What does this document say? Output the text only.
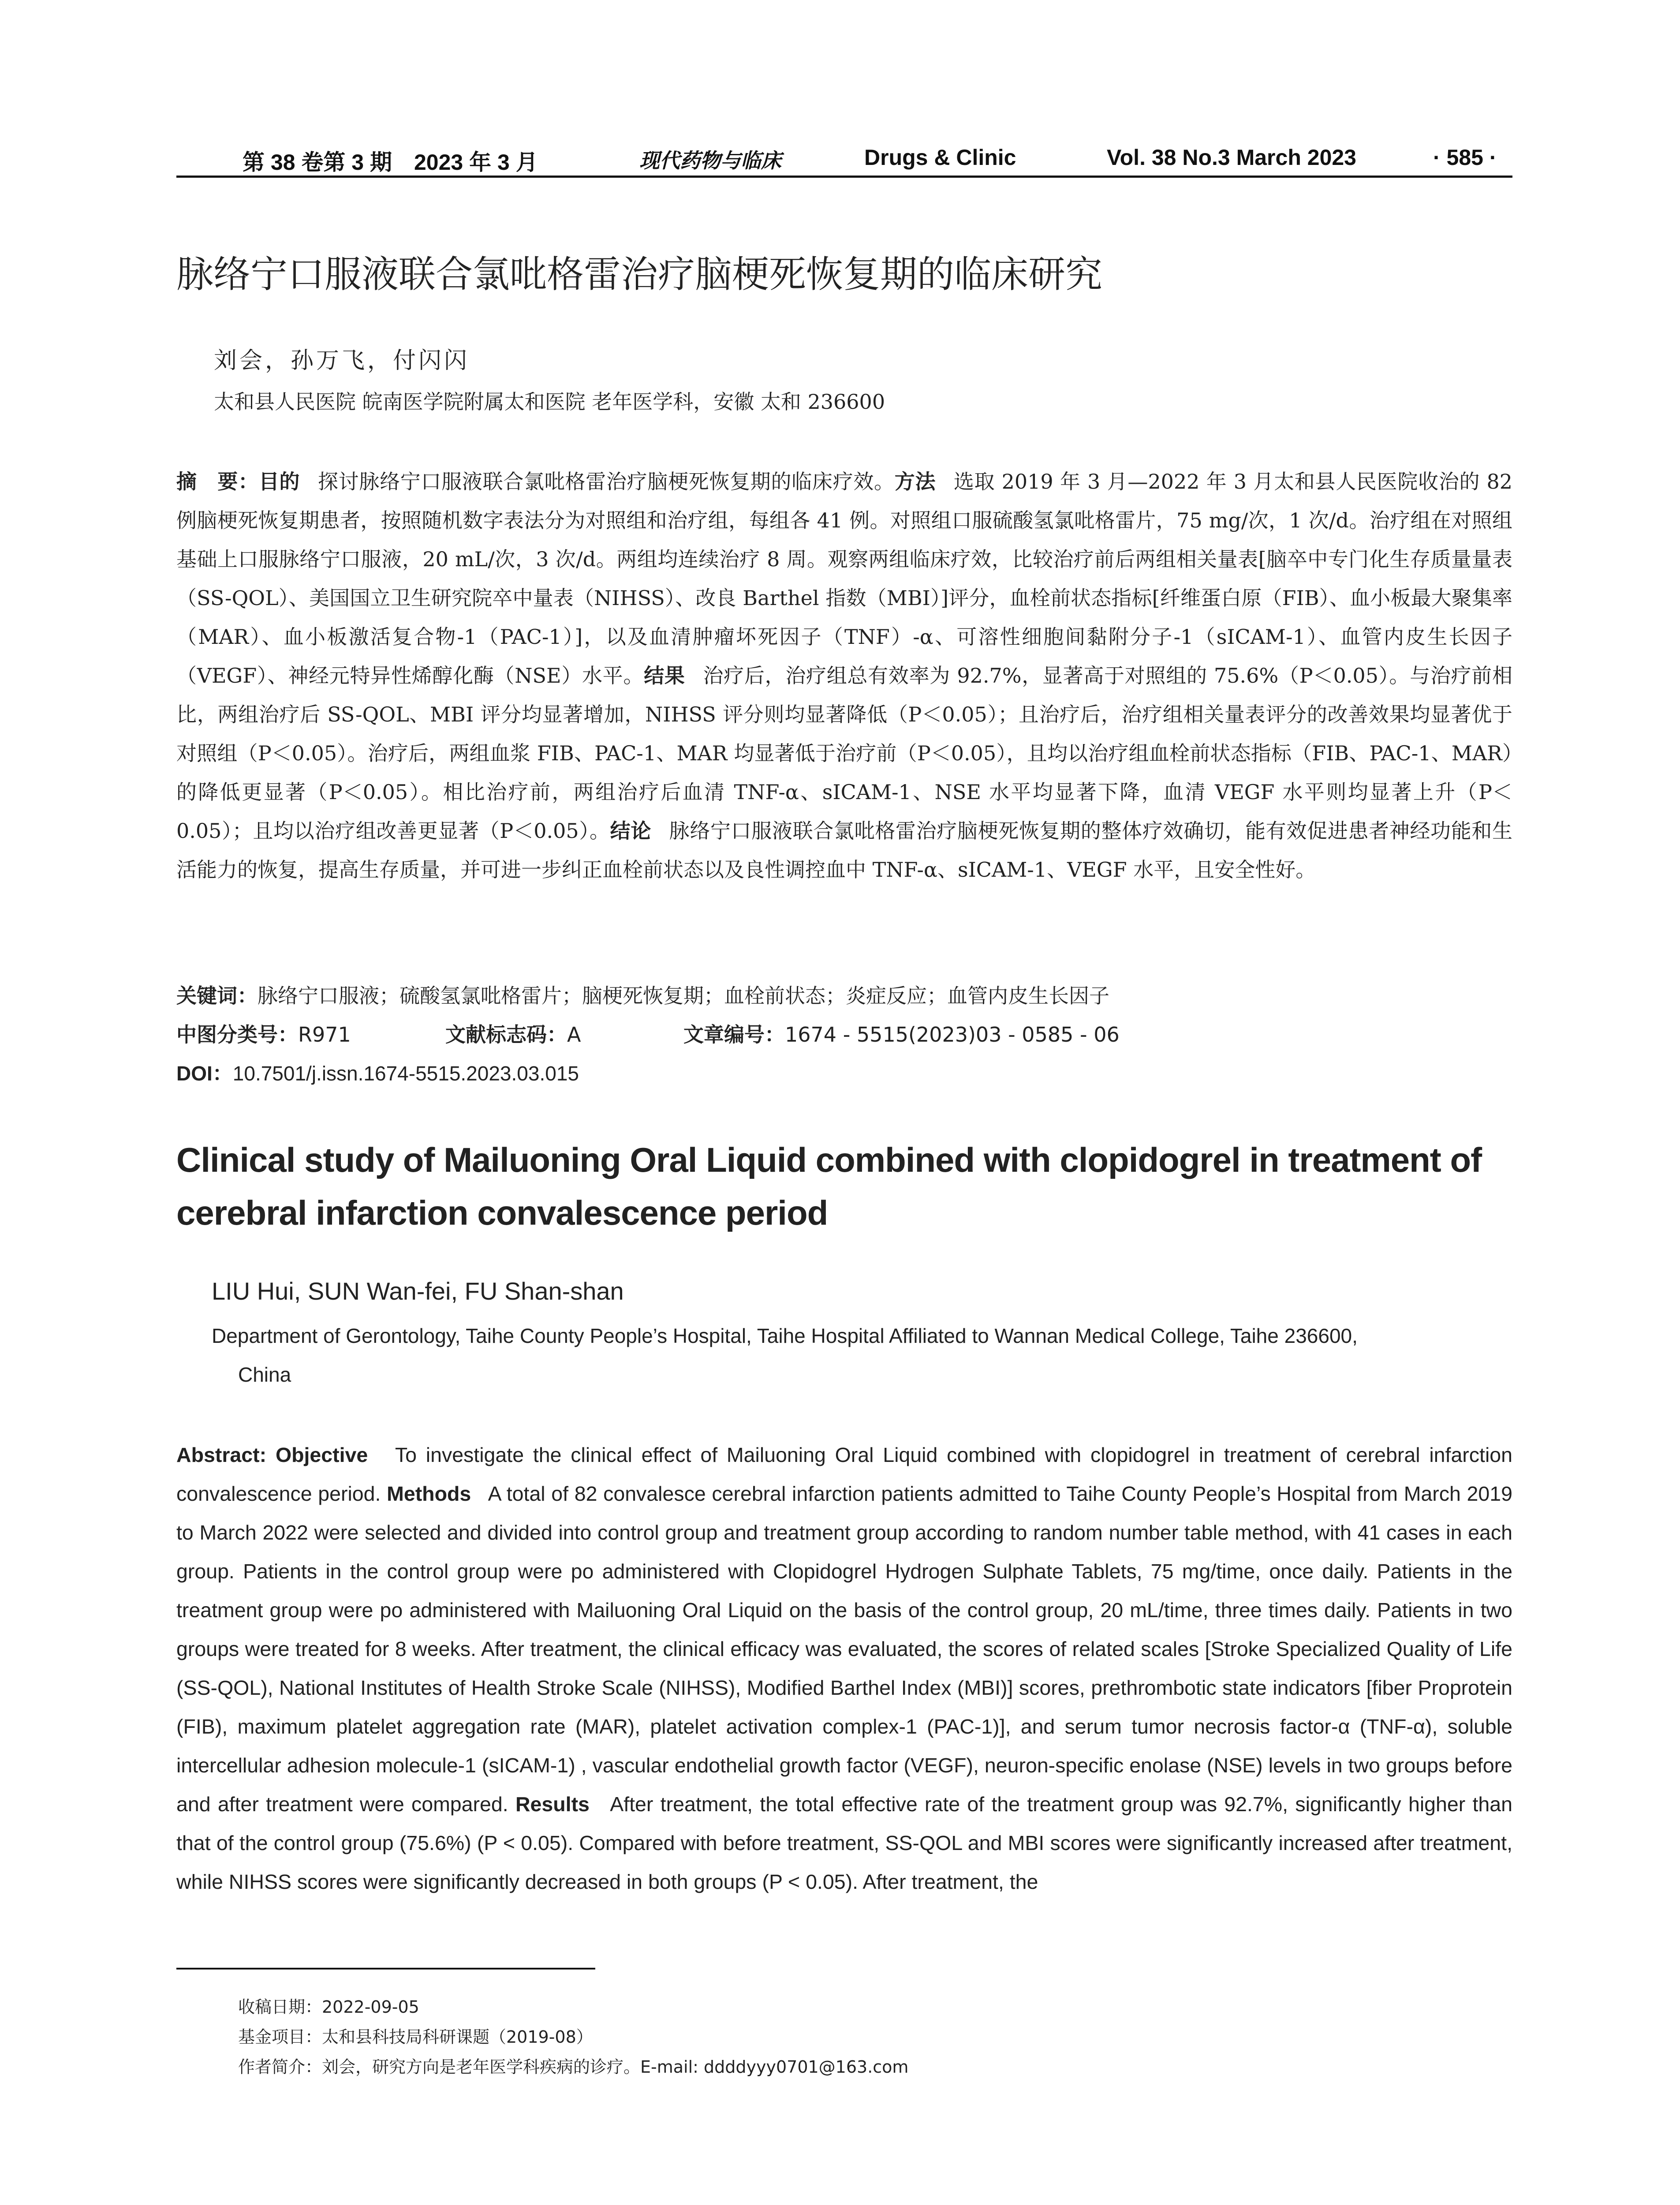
第 38 卷第 3 期　2023 年 3 月	现代药物与临床	Drugs & Clinic	Vol. 38 No.3 March 2023	· 585 ·
脉络宁口服液联合氯吡格雷治疗脑梗死恢复期的临床研究
刘会，孙万飞，付闪闪
太和县人民医院 皖南医学院附属太和医院 老年医学科，安徽 太和 236600
摘　要：目的 探讨脉络宁口服液联合氯吡格雷治疗脑梗死恢复期的临床疗效。方法 选取 2019 年 3 月—2022 年 3 月太和县人民医院收治的 82 例脑梗死恢复期患者，按照随机数字表法分为对照组和治疗组，每组各 41 例。对照组口服硫酸氢氯吡格雷片，75 mg/次，1 次/d。治疗组在对照组基础上口服脉络宁口服液，20 mL/次，3 次/d。两组均连续治疗 8 周。观察两组临床疗效，比较治疗前后两组相关量表[脑卒中专门化生存质量量表（SS-QOL）、美国国立卫生研究院卒中量表（NIHSS）、改良 Barthel 指数（MBI）]评分，血栓前状态指标[纤维蛋白原（FIB）、血小板最大聚集率（MAR）、血小板激活复合物-1（PAC-1）]，以及血清肿瘤坏死因子（TNF）-α、可溶性细胞间黏附分子-1（sICAM-1）、血管内皮生长因子（VEGF）、神经元特异性烯醇化酶（NSE）水平。结果 治疗后，治疗组总有效率为 92.7%，显著高于对照组的 75.6%（P＜0.05）。与治疗前相比，两组治疗后 SS-QOL、MBI 评分均显著增加，NIHSS 评分则均显著降低（P＜0.05）；且治疗后，治疗组相关量表评分的改善效果均显著优于对照组（P＜0.05）。治疗后，两组血浆 FIB、PAC-1、MAR 均显著低于治疗前（P＜0.05），且均以治疗组血栓前状态指标（FIB、PAC-1、MAR）的降低更显著（P＜0.05）。相比治疗前，两组治疗后血清 TNF-α、sICAM-1、NSE 水平均显著下降，血清 VEGF 水平则均显著上升（P＜0.05）；且均以治疗组改善更显著（P＜0.05）。结论 脉络宁口服液联合氯吡格雷治疗脑梗死恢复期的整体疗效确切，能有效促进患者神经功能和生活能力的恢复，提高生存质量，并可进一步纠正血栓前状态以及良性调控血中 TNF-α、sICAM-1、VEGF 水平，且安全性好。
关键词：脉络宁口服液；硫酸氢氯吡格雷片；脑梗死恢复期；血栓前状态；炎症反应；血管内皮生长因子
中图分类号：R971	文献标志码：A	文章编号：1674 - 5515(2023)03 - 0585 - 06
DOI：10.7501/j.issn.1674-5515.2023.03.015
Clinical study of Mailuoning Oral Liquid combined with clopidogrel in treatment of cerebral infarction convalescence period
LIU Hui, SUN Wan-fei, FU Shan-shan
Department of Gerontology, Taihe County People’s Hospital, Taihe Hospital Affiliated to Wannan Medical College, Taihe 236600,
China
Abstract: Objective To investigate the clinical effect of Mailuoning Oral Liquid combined with clopidogrel in treatment of cerebral infarction convalescence period. Methods A total of 82 convalesce cerebral infarction patients admitted to Taihe County People’s Hospital from March 2019 to March 2022 were selected and divided into control group and treatment group according to random number table method, with 41 cases in each group. Patients in the control group were po administered with Clopidogrel Hydrogen Sulphate Tablets, 75 mg/time, once daily. Patients in the treatment group were po administered with Mailuoning Oral Liquid on the basis of the control group, 20 mL/time, three times daily. Patients in two groups were treated for 8 weeks. After treatment, the clinical efficacy was evaluated, the scores of related scales [Stroke Specialized Quality of Life (SS-QOL), National Institutes of Health Stroke Scale (NIHSS), Modified Barthel Index (MBI)] scores, prethrombotic state indicators [fiber Proprotein (FIB), maximum platelet aggregation rate (MAR), platelet activation complex-1 (PAC-1)], and serum tumor necrosis factor-α (TNF-α), soluble intercellular adhesion molecule-1 (sICAM-1) , vascular endothelial growth factor (VEGF), neuron-specific enolase (NSE) levels in two groups before and after treatment were compared. Results After treatment, the total effective rate of the treatment group was 92.7%, significantly higher than that of the control group (75.6%) (P < 0.05). Compared with before treatment, SS-QOL and MBI scores were significantly increased after treatment, while NIHSS scores were significantly decreased in both groups (P < 0.05). After treatment, the
收稿日期：2022-09-05
基金项目：太和县科技局科研课题（2019-08）
作者简介：刘会，研究方向是老年医学科疾病的诊疗。E-mail: ddddyyy0701@163.com
